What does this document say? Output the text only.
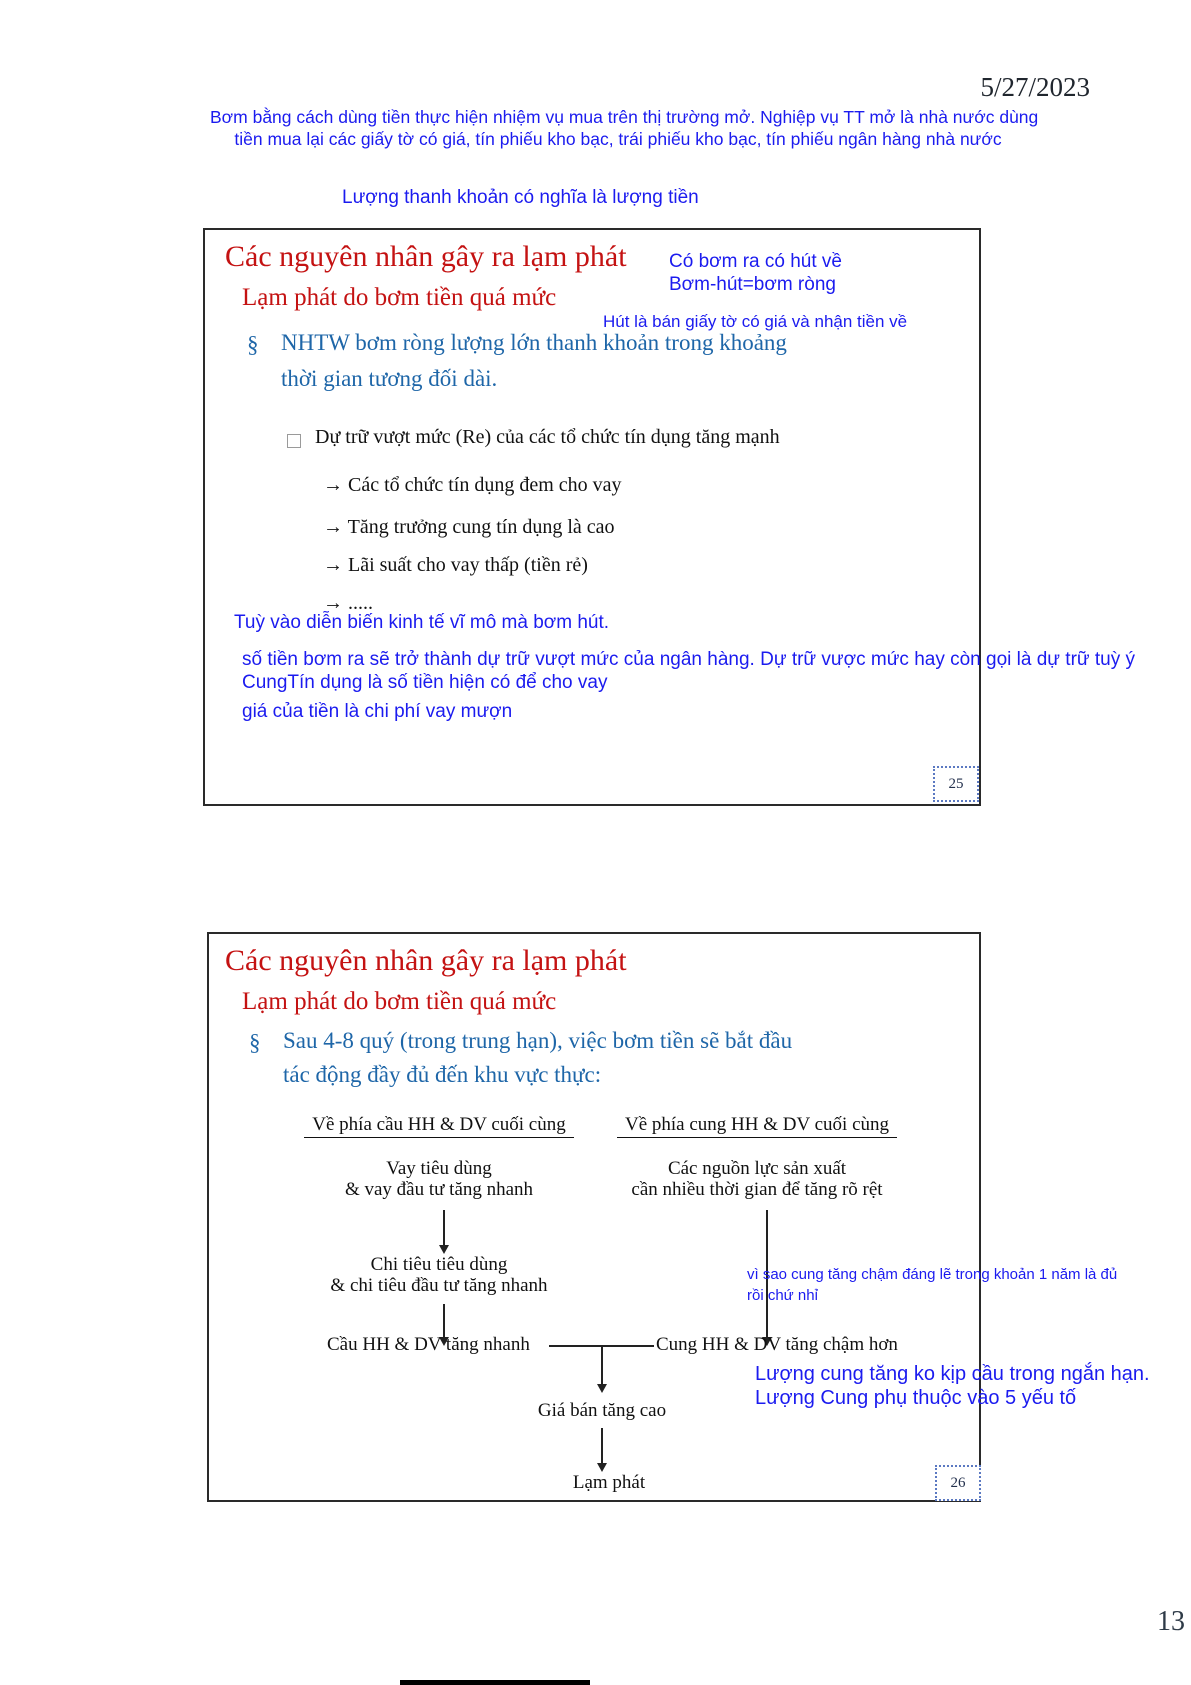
5/27/2023
Bơm bằng cách dùng tiền thực hiện nhiệm vụ mua trên thị trường mở. Nghiệp vụ TT mở là nhà nước dùng
tiền mua lại các giấy tờ có giá, tín phiếu kho bạc, trái phiếu kho bạc, tín phiếu ngân hàng nhà nước
Lượng thanh khoản có nghĩa là lượng tiền
Các nguyên nhân gây ra lạm phát
Lạm phát do bơm tiền quá mức
Có bơm ra có hút về
Bơm-hút=bơm ròng
Hút là bán giấy tờ có giá và nhận tiền về
§ NHTW bơm ròng lượng lớn thanh khoản trong khoảng
thời gian tương đối dài.
Dự trữ vượt mức (Re) của các tổ chức tín dụng tăng mạnh
→ Các tổ chức tín dụng đem cho vay
→ Tăng trưởng cung tín dụng là cao
→ Lãi suất cho vay thấp (tiền rẻ)
→ .....
Tuỳ vào diễn biến kinh tế vĩ mô mà bơm hút.
số tiền bơm ra sẽ trở thành dự trữ vượt mức của ngân hàng. Dự trữ vược mức hay còn gọi là dự trữ tuỳ ý
CungTín dụng là số tiền hiện có để cho vay
giá của tiền là chi phí vay mượn
25
Các nguyên nhân gây ra lạm phát
Lạm phát do bơm tiền quá mức
§ Sau 4-8 quý (trong trung hạn), việc bơm tiền sẽ bắt đầu
tác động đầy đủ đến khu vực thực:
Về phía cầu HH & DV cuối cùng	Về phía cung HH & DV cuối cùng
Vay tiêu dùng
& vay đầu tư tăng nhanh
Các nguồn lực sản xuất
cần nhiều thời gian để tăng rõ rệt
Chi tiêu tiêu dùng
& chi tiêu đầu tư tăng nhanh
Cầu HH & DV tăng nhanh	Cung HH & DV tăng chậm hơn
Giá bán tăng cao
Lạm phát
vì sao cung tăng chậm đáng lẽ trong khoản 1 năm là đủ
rồi chứ nhỉ
Lượng cung tăng ko kịp cầu trong ngắn hạn.
Lượng Cung phụ thuộc vào 5 yếu tố
26
13
